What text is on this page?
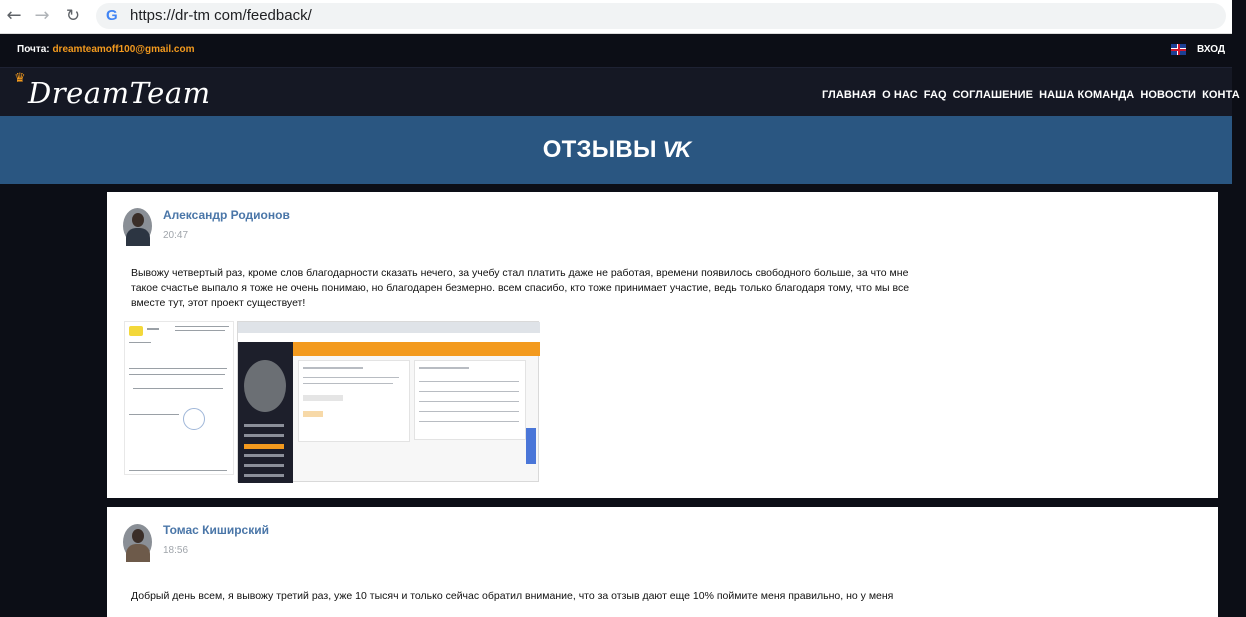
← → ↻ G https://dr-tm com/feedback/
Почта: dreamteamoff100@gmail.com	ВХОД
♛ DreamTeam	ГЛАВНАЯ О НАС FAQ СОГЛАШЕНИЕ НАША КОМАНДА НОВОСТИ КОНТА
ОТЗЫВЫ VK
Александр Родионов
20:47
Вывожу четвертый раз, кроме слов благодарности сказать нечего, за учебу стал платить даже не работая, времени появилось свободного больше, за что мне такое счастье выпало я тоже не очень понимаю, но благодарен безмерно. всем спасибо, кто тоже принимает участие, ведь только благодаря тому, что мы все вместе тут, этот проект существует!
Томас Киширский
18:56
Добрый день всем, я вывожу третий раз, уже 10 тысяч и только сейчас обратил внимание, что за отзыв дают еще 10% поймите меня правильно, но у меня
